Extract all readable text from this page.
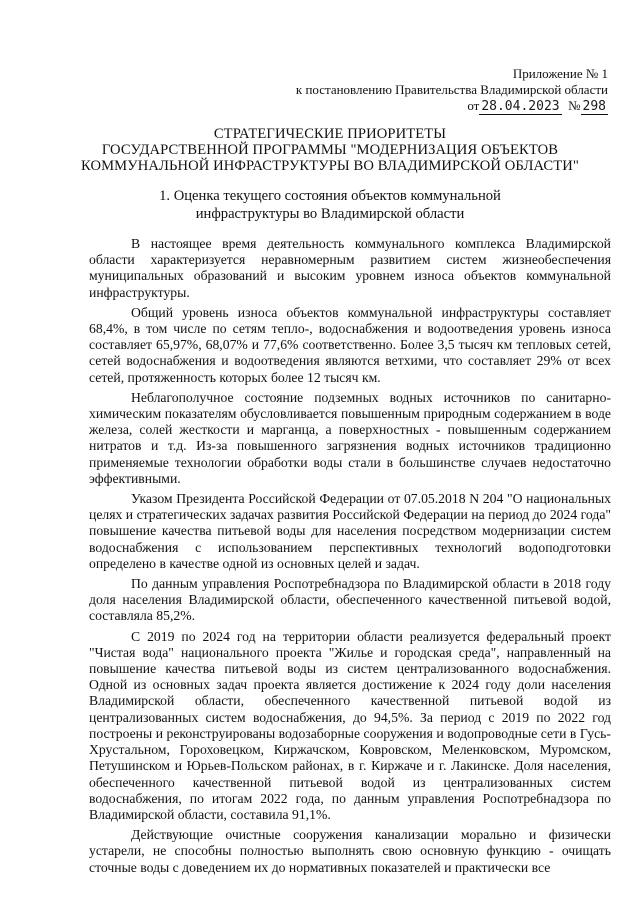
Приложение № 1
к постановлению Правительства Владимирской области
от 28.04.2023 № 298
СТРАТЕГИЧЕСКИЕ ПРИОРИТЕТЫ
ГОСУДАРСТВЕННОЙ ПРОГРАММЫ "МОДЕРНИЗАЦИЯ ОБЪЕКТОВ
КОММУНАЛЬНОЙ ИНФРАСТРУКТУРЫ ВО ВЛАДИМИРСКОЙ ОБЛАСТИ"
1. Оценка текущего состояния объектов коммунальной
инфраструктуры во Владимирской области

В настоящее время деятельность коммунального комплекса Владимирской области характеризуется неравномерным развитием систем жизнеобеспечения муниципальных образований и высоким уровнем износа объектов коммунальной инфраструктуры.

Общий уровень износа объектов коммунальной инфраструктуры составляет 68,4%, в том числе по сетям тепло-, водоснабжения и водоотведения уровень износа составляет 65,97%, 68,07% и 77,6% соответственно. Более 3,5 тысяч км тепловых сетей, сетей водоснабжения и водоотведения являются ветхими, что составляет 29% от всех сетей, протяженность которых более 12 тысяч км.

Неблагополучное состояние подземных водных источников по санитарно-химическим показателям обусловливается повышенным природным содержанием в воде железа, солей жесткости и марганца, а поверхностных - повышенным содержанием нитратов и т.д. Из-за повышенного загрязнения водных источников традиционно применяемые технологии обработки воды стали в большинстве случаев недостаточно эффективными.

Указом Президента Российской Федерации от 07.05.2018 N 204 "О национальных целях и стратегических задачах развития Российской Федерации на период до 2024 года" повышение качества питьевой воды для населения посредством модернизации систем водоснабжения с использованием перспективных технологий водоподготовки определено в качестве одной из основных целей и задач.

По данным управления Роспотребнадзора по Владимирской области в 2018 году доля населения Владимирской области, обеспеченного качественной питьевой водой, составляла 85,2%.

С 2019 по 2024 год на территории области реализуется федеральный проект "Чистая вода" национального проекта "Жилье и городская среда", направленный на повышение качества питьевой воды из систем централизованного водоснабжения. Одной из основных задач проекта является достижение к 2024 году доли населения Владимирской области, обеспеченного качественной питьевой водой из централизованных систем водоснабжения, до 94,5%. За период с 2019 по 2022 год построены и реконструированы водозаборные сооружения и водопроводные сети в Гусь-Хрустальном, Гороховецком, Киржачском, Ковровском, Меленковском, Муромском, Петушинском и Юрьев-Польском районах, в г. Киржаче и г. Лакинске. Доля населения, обеспеченного качественной питьевой водой из централизованных систем водоснабжения, по итогам 2022 года, по данным управления Роспотребнадзора по Владимирской области, составила 91,1%.

Действующие очистные сооружения канализации морально и физически устарели, не способны полностью выполнять свою основную функцию - очищать сточные воды с доведением их до нормативных показателей и практически все
